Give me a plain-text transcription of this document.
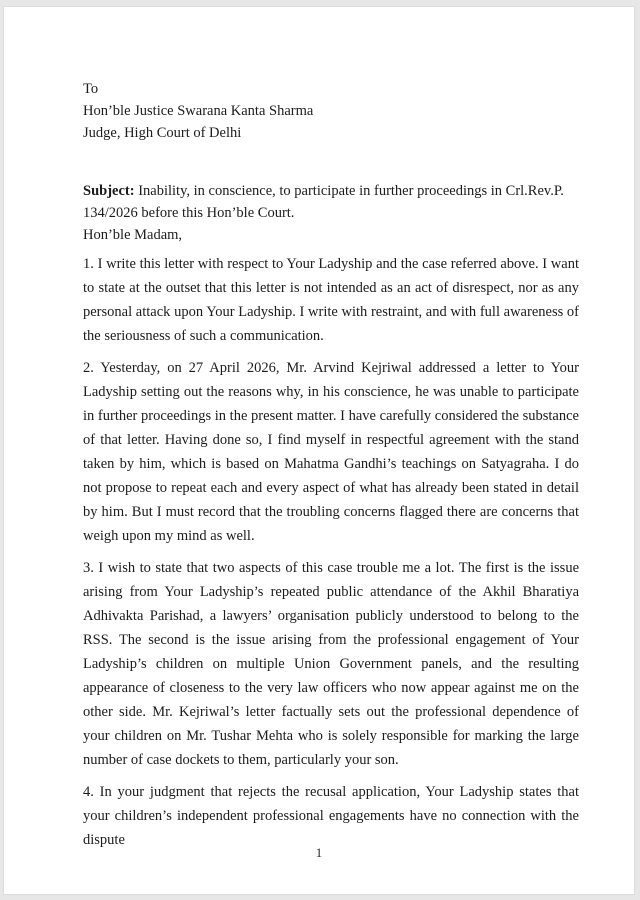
To
Hon’ble Justice Swarana Kanta Sharma
Judge, High Court of Delhi

Subject: Inability, in conscience, to participate in further proceedings in Crl.Rev.P. 134/2026 before this Hon’ble Court.

Hon’ble Madam,

1. I write this letter with respect to Your Ladyship and the case referred above. I want to state at the outset that this letter is not intended as an act of disrespect, nor as any personal attack upon Your Ladyship. I write with restraint, and with full awareness of the seriousness of such a communication.

2. Yesterday, on 27 April 2026, Mr. Arvind Kejriwal addressed a letter to Your Ladyship setting out the reasons why, in his conscience, he was unable to participate in further proceedings in the present matter. I have carefully considered the substance of that letter. Having done so, I find myself in respectful agreement with the stand taken by him, which is based on Mahatma Gandhi’s teachings on Satyagraha. I do not propose to repeat each and every aspect of what has already been stated in detail by him. But I must record that the troubling concerns flagged there are concerns that weigh upon my mind as well.

3. I wish to state that two aspects of this case trouble me a lot. The first is the issue arising from Your Ladyship’s repeated public attendance of the Akhil Bharatiya Adhivakta Parishad, a lawyers’ organisation publicly understood to belong to the RSS. The second is the issue arising from the professional engagement of Your Ladyship’s children on multiple Union Government panels, and the resulting appearance of closeness to the very law officers who now appear against me on the other side. Mr. Kejriwal’s letter factually sets out the professional dependence of your children on Mr. Tushar Mehta who is solely responsible for marking the large number of case dockets to them, particularly your son.

4. In your judgment that rejects the recusal application, Your Ladyship states that your children’s independent professional engagements have no connection with the dispute

1
